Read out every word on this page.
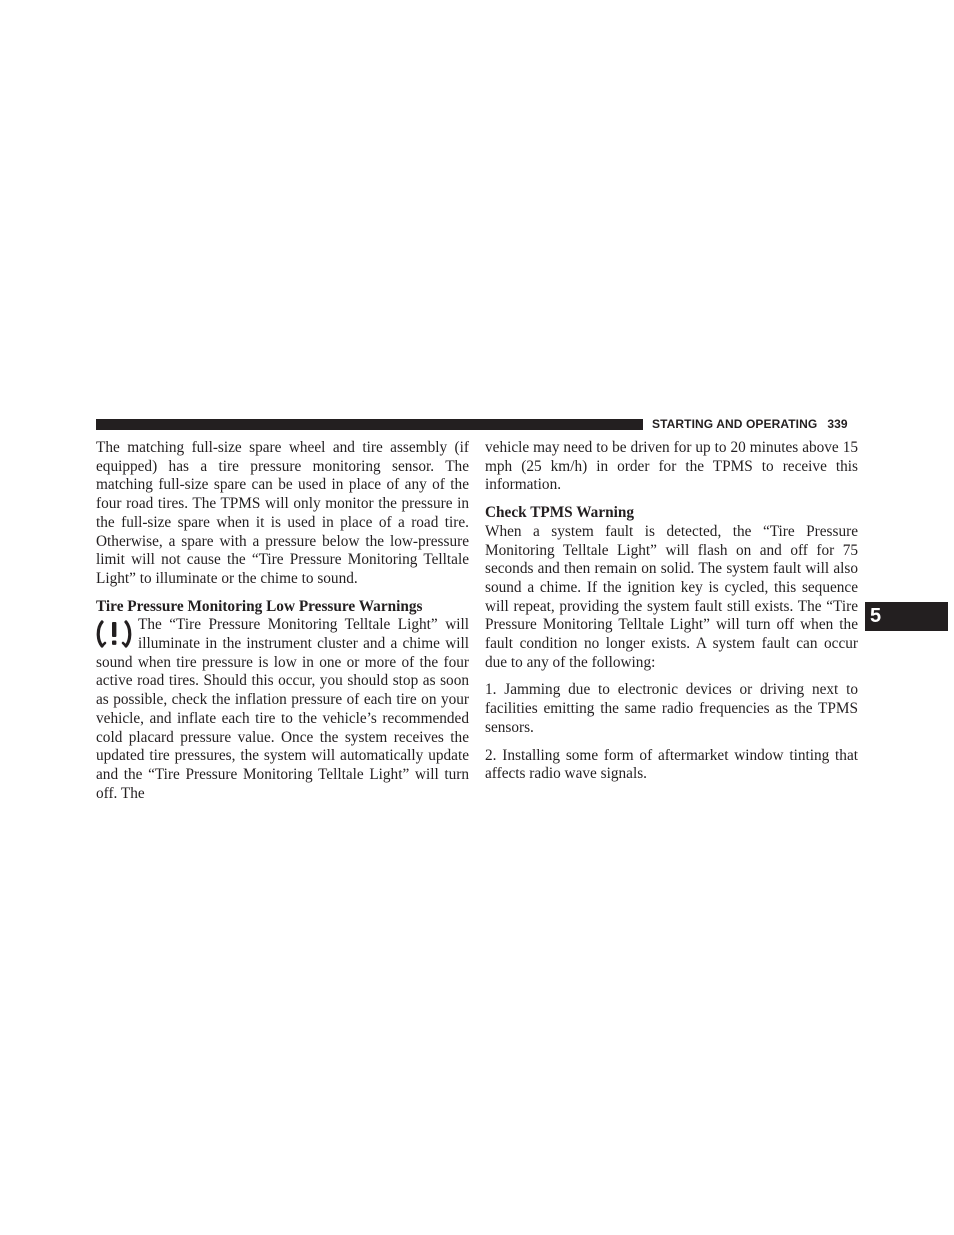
STARTING AND OPERATING 339

The matching full-size spare wheel and tire assembly (if equipped) has a tire pressure monitoring sensor. The matching full-size spare can be used in place of any of the four road tires. The TPMS will only monitor the pressure in the full-size spare when it is used in place of a road tire. Otherwise, a spare with a pressure below the low-pressure limit will not cause the “Tire Pressure Monitoring Telltale Light” to illuminate or the chime to sound.

Tire Pressure Monitoring Low Pressure Warnings

The “Tire Pressure Monitoring Telltale Light” will illuminate in the instrument cluster and a chime will sound when tire pressure is low in one or more of the four active road tires. Should this occur, you should stop as soon as possible, check the inflation pressure of each tire on your vehicle, and inflate each tire to the vehicle’s recommended cold placard pressure value. Once the system receives the updated tire pressures, the system will automatically update and the “Tire Pressure Monitoring Telltale Light” will turn off. The

vehicle may need to be driven for up to 20 minutes above 15 mph (25 km/h) in order for the TPMS to receive this information.

Check TPMS Warning

When a system fault is detected, the “Tire Pressure Monitoring Telltale Light” will flash on and off for 75 seconds and then remain on solid. The system fault will also sound a chime. If the ignition key is cycled, this sequence will repeat, providing the system fault still exists. The “Tire Pressure Monitoring Telltale Light” will turn off when the fault condition no longer exists. A system fault can occur due to any of the following:

1. Jamming due to electronic devices or driving next to facilities emitting the same radio frequencies as the TPMS sensors.

2. Installing some form of aftermarket window tinting that affects radio wave signals.

5
